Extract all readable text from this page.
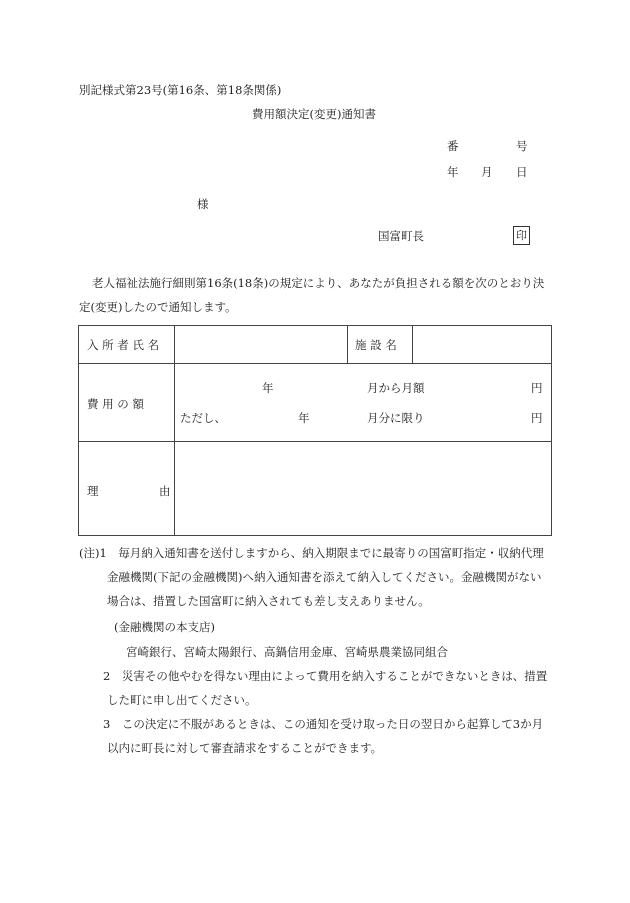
別記様式第23号(第16条、第18条関係)
費用額決定(変更)通知書
番	号
年 月 日
様
国富町長	印

老人福祉法施行細則第16条(18条)の規定により、あなたが負担される額を次のとおり決

定(変更)したので通知します。

入 所 者 氏 名	施 設 名
費 用 の 額
年	月から月額	円
ただし、	年	月分に限り	円
理	由

(注)1　毎月納入通知書を送付しますから、納入期限までに最寄りの国富町指定・収納代理

金融機関(下記の金融機関)へ納入通知書を添えて納入してください。金融機関がない

場合は、措置した国富町に納入されても差し支えありません。

(金融機関の本支店)

宮崎銀行、宮崎太陽銀行、高鍋信用金庫、宮崎県農業協同組合

2　災害その他やむを得ない理由によって費用を納入することができないときは、措置

した町に申し出てください。

3　この決定に不服があるときは、この通知を受け取った日の翌日から起算して3か月

以内に町長に対して審査請求をすることができます。
